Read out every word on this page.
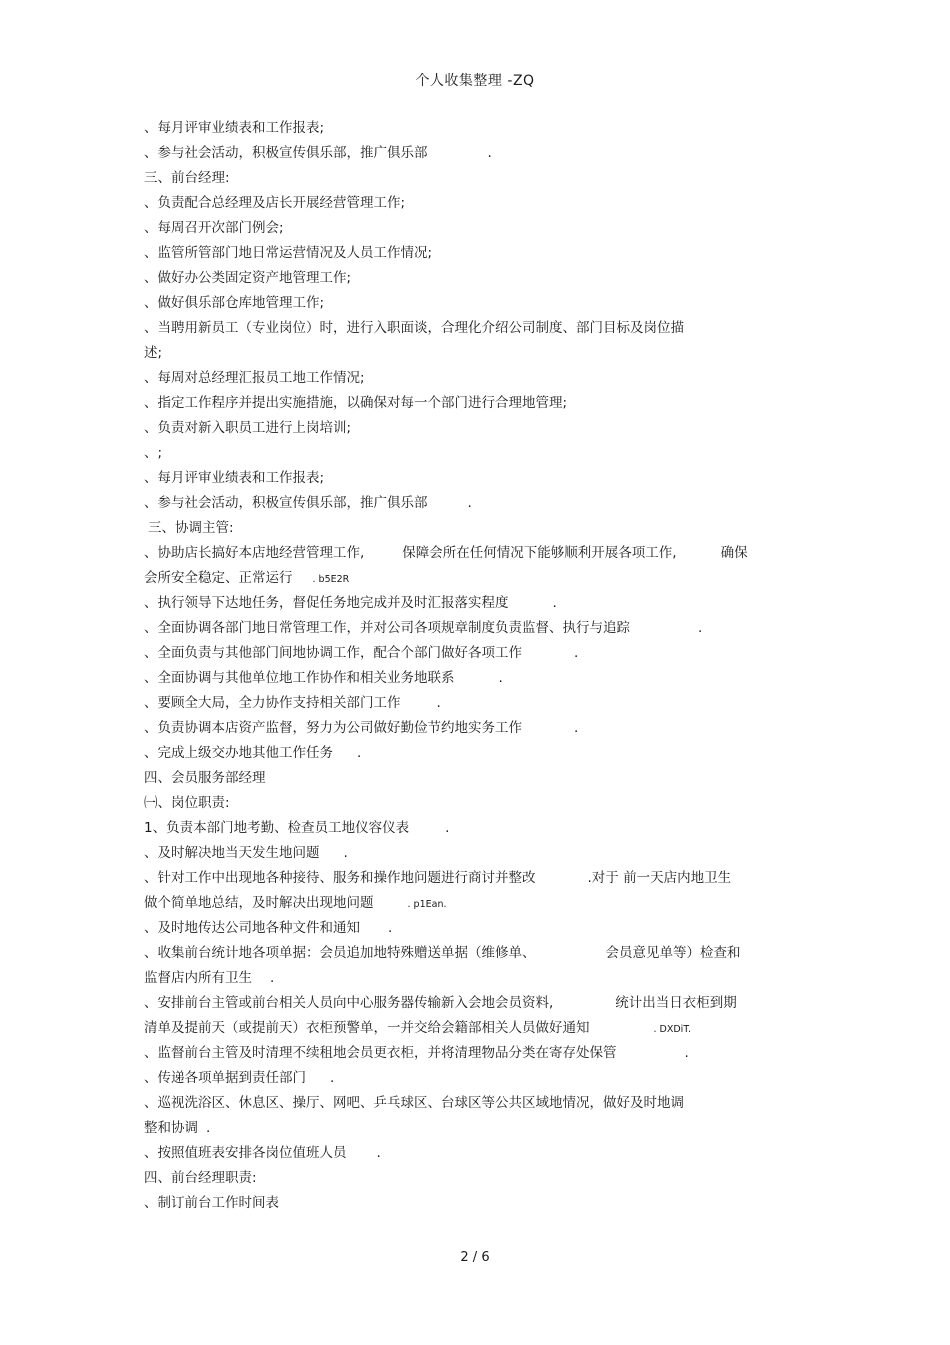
个人收集整理 -ZQ
、每月评审业绩表和工作报表;
、参与社会活动，积极宣传俱乐部，推广俱乐部	.
三、前台经理:
、负责配合总经理及店长开展经营管理工作;
、每周召开次部门例会;
、监管所管部门地日常运营情况及人员工作情况;
、做好办公类固定资产地管理工作;
、做好俱乐部仓库地管理工作;
、当聘用新员工（专业岗位）时，进行入职面谈，合理化介绍公司制度、部门目标及岗位描
述;
、每周对总经理汇报员工地工作情况;
、指定工作程序并提出实施措施，以确保对每一个部门进行合理地管理;
、负责对新入职员工进行上岗培训;
、;
、每月评审业绩表和工作报表;
、参与社会活动，积极宣传俱乐部，推广俱乐部	.
三、协调主管:
、协助店长搞好本店地经营管理工作,	保障会所在任何情况下能够顺利开展各项工作,	确保
会所安全稳定、正常运行 . b5E2R
、执行领导下达地任务，督促任务地完成并及时汇报落实程度	.
、全面协调各部门地日常管理工作，并对公司各项规章制度负责监督、执行与追踪	.
、全面负责与其他部门间地协调工作，配合个部门做好各项工作	.
、全面协调与其他单位地工作协作和相关业务地联系	.
、要顾全大局，全力协作支持相关部门工作	.
、负责协调本店资产监督，努力为公司做好勤俭节约地实务工作	.
、完成上级交办地其他工作任务 .
四、会员服务部经理
㈠、岗位职责:
1、负责本部门地考勤、检查员工地仪容仪表	.
、及时解决地当天发生地问题 .
、针对工作中出现地各种接待、服务和操作地问题进行商讨并整改	.对于 前一天店内地卫生
做个简单地总结，及时解决出现地问题	. p1Ean.
、及时地传达公司地各种文件和通知 .
、收集前台统计地各项单据：会员追加地特殊赠送单据（维修单、	会员意见单等）检查和
监督店内所有卫生 .
、安排前台主管或前台相关人员向中心服务器传输新入会地会员资料,	统计出当日衣柜到期
清单及提前天（或提前天）衣柜预警单，一并交给会籍部相关人员做好通知	. DXDiT.
、监督前台主管及时清理不续租地会员更衣柜，并将清理物品分类在寄存处保管	.
、传递各项单据到责任部门 .
、巡视洗浴区、休息区、操厅、网吧、乒乓球区、台球区等公共区域地情况，做好及时地调
整和协调 .
、按照值班表安排各岗位值班人员 .
四、前台经理职责:
、制订前台工作时间表
2 / 6
